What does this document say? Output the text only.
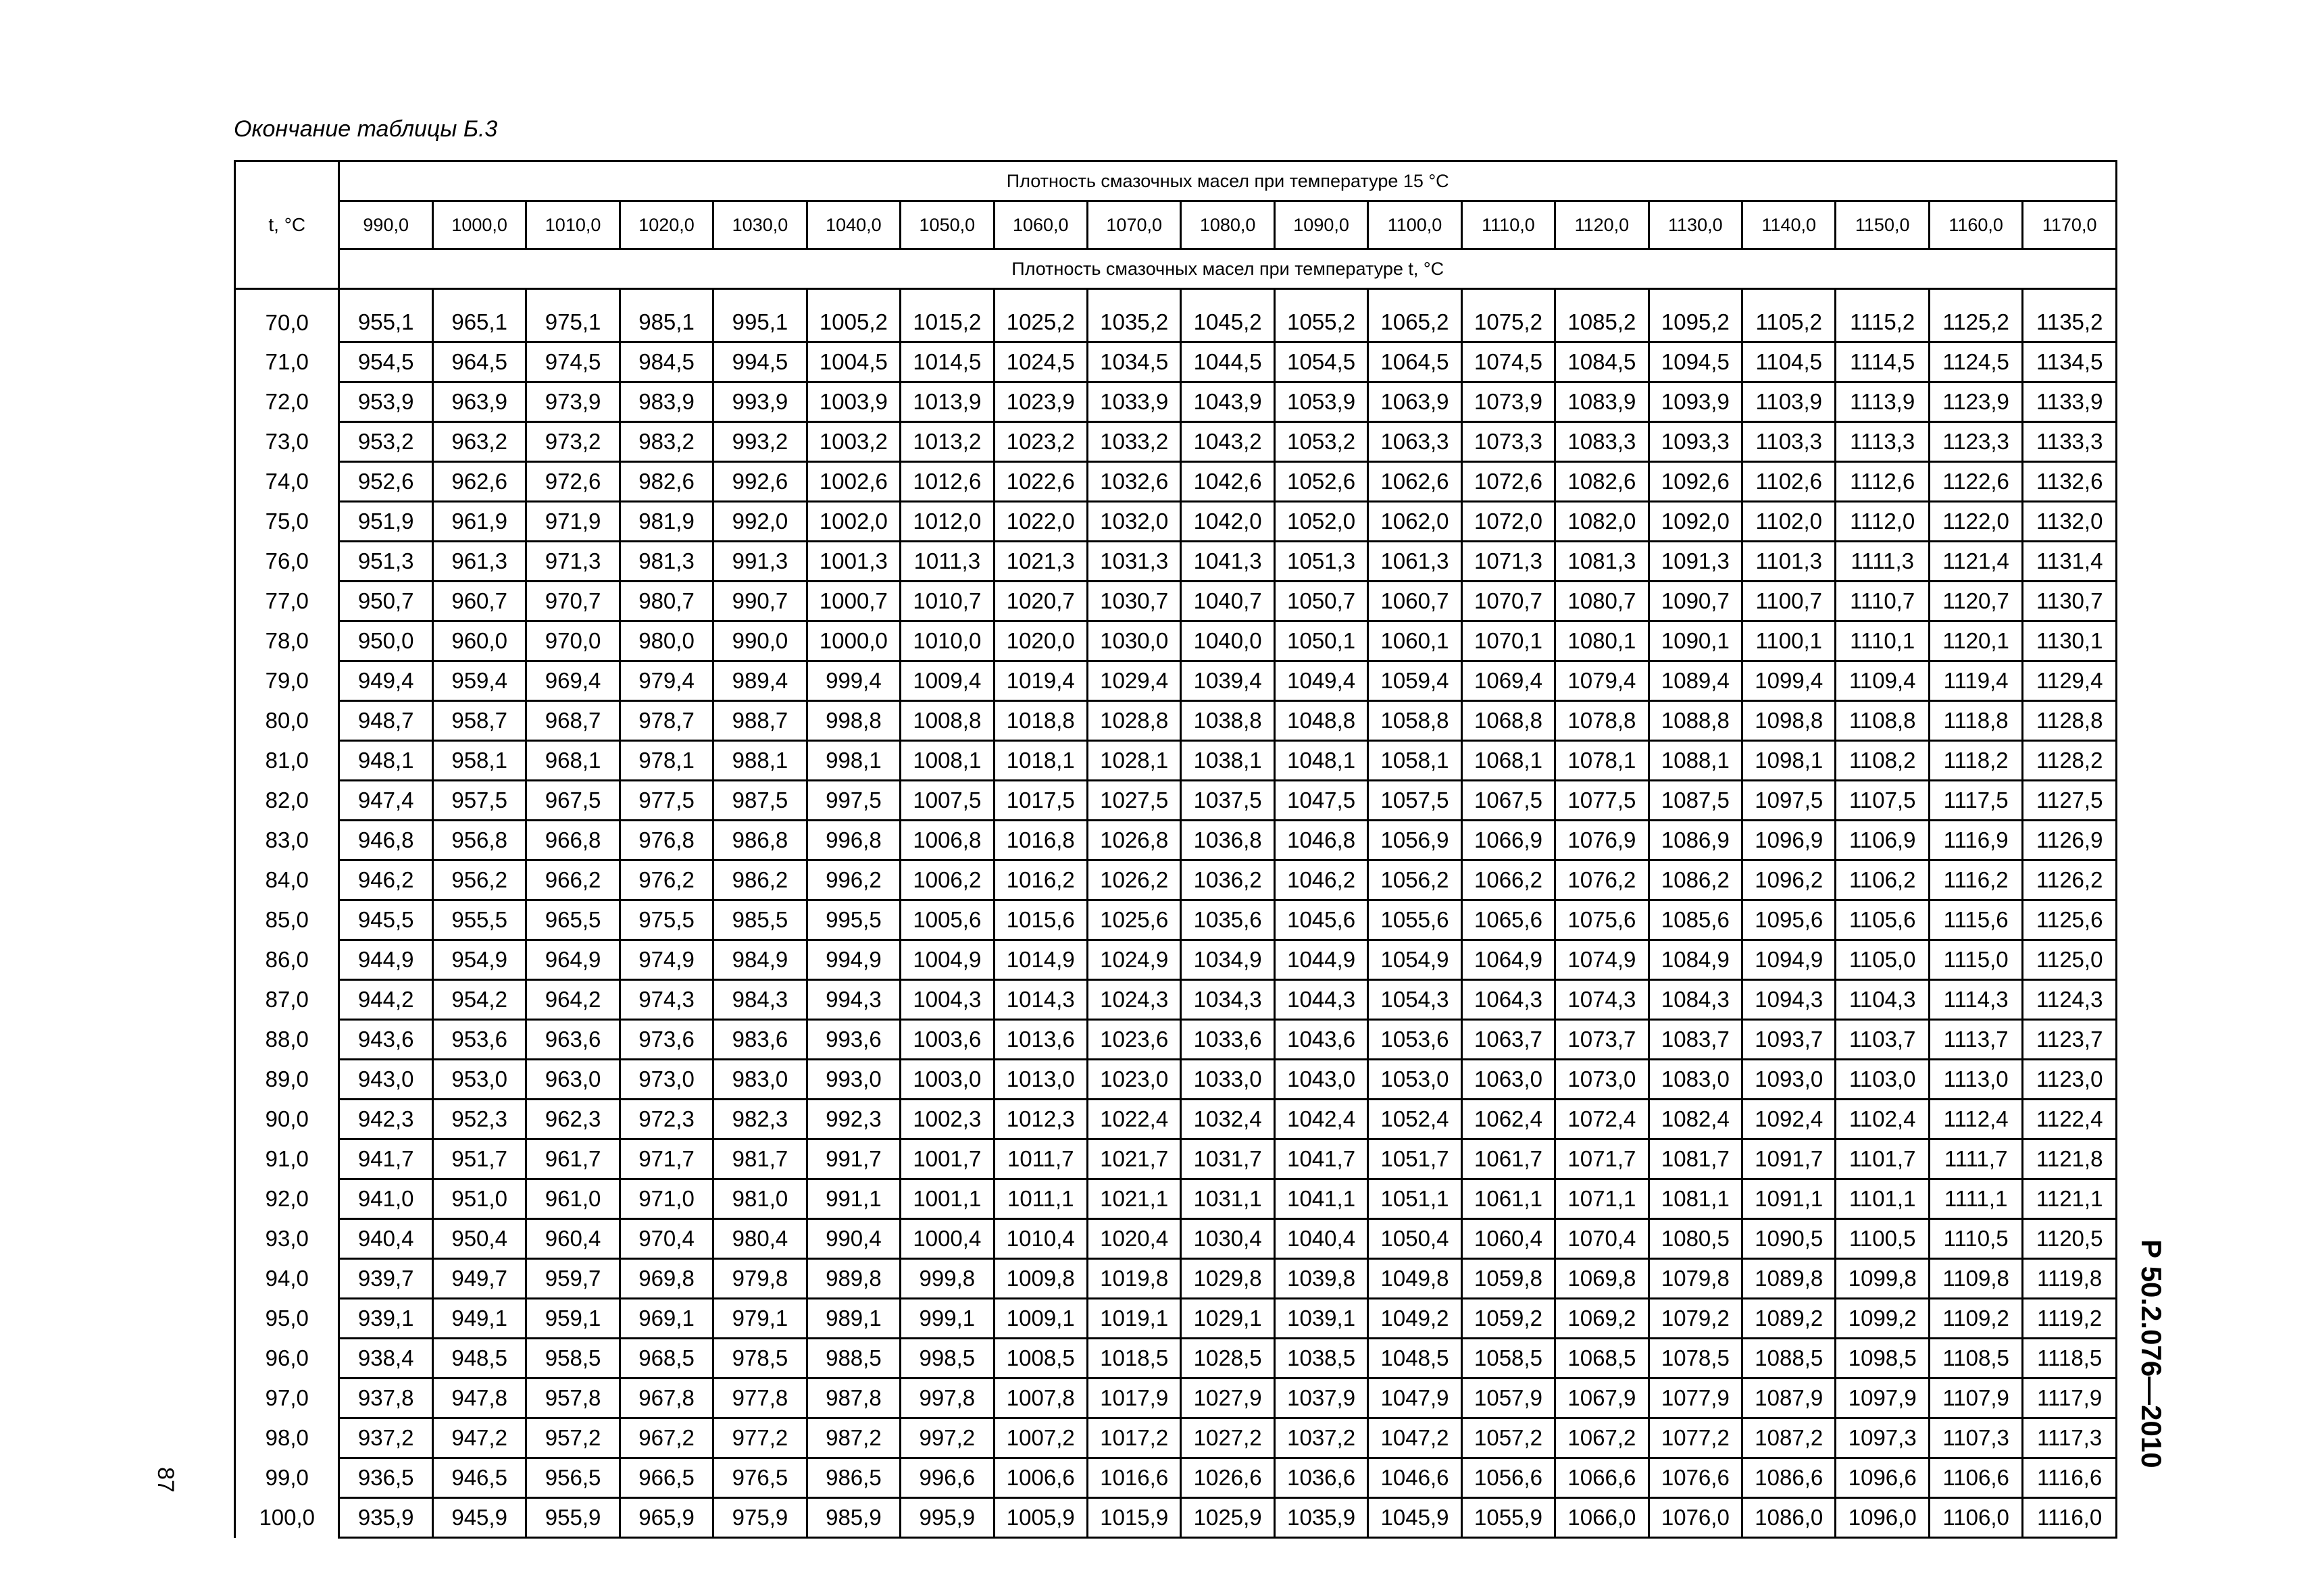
Окончание таблицы Б.3
t, °C	Плотность смазочных масел при температуре 15 °С																		
	990,0	1000,0	1010,0	1020,0	1030,0	1040,0	1050,0	1060,0	1070,0	1080,0	1090,0	1100,0	1110,0	1120,0	1130,0	1140,0	1150,0	1160,0	1170,0
	Плотность смазочных масел при температуре t, °С																		

70,0	955,1	965,1	975,1	985,1	995,1	1005,2	1015,2	1025,2	1035,2	1045,2	1055,2	1065,2	1075,2	1085,2	1095,2	1105,2	1115,2	1125,2	1135,2
71,0	954,5	964,5	974,5	984,5	994,5	1004,5	1014,5	1024,5	1034,5	1044,5	1054,5	1064,5	1074,5	1084,5	1094,5	1104,5	1114,5	1124,5	1134,5
72,0	953,9	963,9	973,9	983,9	993,9	1003,9	1013,9	1023,9	1033,9	1043,9	1053,9	1063,9	1073,9	1083,9	1093,9	1103,9	1113,9	1123,9	1133,9
73,0	953,2	963,2	973,2	983,2	993,2	1003,2	1013,2	1023,2	1033,2	1043,2	1053,2	1063,3	1073,3	1083,3	1093,3	1103,3	1113,3	1123,3	1133,3
74,0	952,6	962,6	972,6	982,6	992,6	1002,6	1012,6	1022,6	1032,6	1042,6	1052,6	1062,6	1072,6	1082,6	1092,6	1102,6	1112,6	1122,6	1132,6
75,0	951,9	961,9	971,9	981,9	992,0	1002,0	1012,0	1022,0	1032,0	1042,0	1052,0	1062,0	1072,0	1082,0	1092,0	1102,0	1112,0	1122,0	1132,0
76,0	951,3	961,3	971,3	981,3	991,3	1001,3	1011,3	1021,3	1031,3	1041,3	1051,3	1061,3	1071,3	1081,3	1091,3	1101,3	1111,3	1121,4	1131,4
77,0	950,7	960,7	970,7	980,7	990,7	1000,7	1010,7	1020,7	1030,7	1040,7	1050,7	1060,7	1070,7	1080,7	1090,7	1100,7	1110,7	1120,7	1130,7
78,0	950,0	960,0	970,0	980,0	990,0	1000,0	1010,0	1020,0	1030,0	1040,0	1050,1	1060,1	1070,1	1080,1	1090,1	1100,1	1110,1	1120,1	1130,1
79,0	949,4	959,4	969,4	979,4	989,4	999,4	1009,4	1019,4	1029,4	1039,4	1049,4	1059,4	1069,4	1079,4	1089,4	1099,4	1109,4	1119,4	1129,4
80,0	948,7	958,7	968,7	978,7	988,7	998,8	1008,8	1018,8	1028,8	1038,8	1048,8	1058,8	1068,8	1078,8	1088,8	1098,8	1108,8	1118,8	1128,8
81,0	948,1	958,1	968,1	978,1	988,1	998,1	1008,1	1018,1	1028,1	1038,1	1048,1	1058,1	1068,1	1078,1	1088,1	1098,1	1108,2	1118,2	1128,2
82,0	947,4	957,5	967,5	977,5	987,5	997,5	1007,5	1017,5	1027,5	1037,5	1047,5	1057,5	1067,5	1077,5	1087,5	1097,5	1107,5	1117,5	1127,5
83,0	946,8	956,8	966,8	976,8	986,8	996,8	1006,8	1016,8	1026,8	1036,8	1046,8	1056,9	1066,9	1076,9	1086,9	1096,9	1106,9	1116,9	1126,9
84,0	946,2	956,2	966,2	976,2	986,2	996,2	1006,2	1016,2	1026,2	1036,2	1046,2	1056,2	1066,2	1076,2	1086,2	1096,2	1106,2	1116,2	1126,2
85,0	945,5	955,5	965,5	975,5	985,5	995,5	1005,6	1015,6	1025,6	1035,6	1045,6	1055,6	1065,6	1075,6	1085,6	1095,6	1105,6	1115,6	1125,6
86,0	944,9	954,9	964,9	974,9	984,9	994,9	1004,9	1014,9	1024,9	1034,9	1044,9	1054,9	1064,9	1074,9	1084,9	1094,9	1105,0	1115,0	1125,0
87,0	944,2	954,2	964,2	974,3	984,3	994,3	1004,3	1014,3	1024,3	1034,3	1044,3	1054,3	1064,3	1074,3	1084,3	1094,3	1104,3	1114,3	1124,3
88,0	943,6	953,6	963,6	973,6	983,6	993,6	1003,6	1013,6	1023,6	1033,6	1043,6	1053,6	1063,7	1073,7	1083,7	1093,7	1103,7	1113,7	1123,7
89,0	943,0	953,0	963,0	973,0	983,0	993,0	1003,0	1013,0	1023,0	1033,0	1043,0	1053,0	1063,0	1073,0	1083,0	1093,0	1103,0	1113,0	1123,0
90,0	942,3	952,3	962,3	972,3	982,3	992,3	1002,3	1012,3	1022,4	1032,4	1042,4	1052,4	1062,4	1072,4	1082,4	1092,4	1102,4	1112,4	1122,4
91,0	941,7	951,7	961,7	971,7	981,7	991,7	1001,7	1011,7	1021,7	1031,7	1041,7	1051,7	1061,7	1071,7	1081,7	1091,7	1101,7	1111,7	1121,8
92,0	941,0	951,0	961,0	971,0	981,0	991,1	1001,1	1011,1	1021,1	1031,1	1041,1	1051,1	1061,1	1071,1	1081,1	1091,1	1101,1	1111,1	1121,1
93,0	940,4	950,4	960,4	970,4	980,4	990,4	1000,4	1010,4	1020,4	1030,4	1040,4	1050,4	1060,4	1070,4	1080,5	1090,5	1100,5	1110,5	1120,5
94,0	939,7	949,7	959,7	969,8	979,8	989,8	999,8	1009,8	1019,8	1029,8	1039,8	1049,8	1059,8	1069,8	1079,8	1089,8	1099,8	1109,8	1119,8
95,0	939,1	949,1	959,1	969,1	979,1	989,1	999,1	1009,1	1019,1	1029,1	1039,1	1049,2	1059,2	1069,2	1079,2	1089,2	1099,2	1109,2	1119,2
96,0	938,4	948,5	958,5	968,5	978,5	988,5	998,5	1008,5	1018,5	1028,5	1038,5	1048,5	1058,5	1068,5	1078,5	1088,5	1098,5	1108,5	1118,5
97,0	937,8	947,8	957,8	967,8	977,8	987,8	997,8	1007,8	1017,9	1027,9	1037,9	1047,9	1057,9	1067,9	1077,9	1087,9	1097,9	1107,9	1117,9
98,0	937,2	947,2	957,2	967,2	977,2	987,2	997,2	1007,2	1017,2	1027,2	1037,2	1047,2	1057,2	1067,2	1077,2	1087,2	1097,3	1107,3	1117,3
99,0	936,5	946,5	956,5	966,5	976,5	986,5	996,6	1006,6	1016,6	1026,6	1036,6	1046,6	1056,6	1066,6	1076,6	1086,6	1096,6	1106,6	1116,6
100,0	935,9	945,9	955,9	965,9	975,9	985,9	995,9	1005,9	1015,9	1025,9	1035,9	1045,9	1055,9	1066,0	1076,0	1086,0	1096,0	1106,0	1116,0
87
Р 50.2.076—2010
